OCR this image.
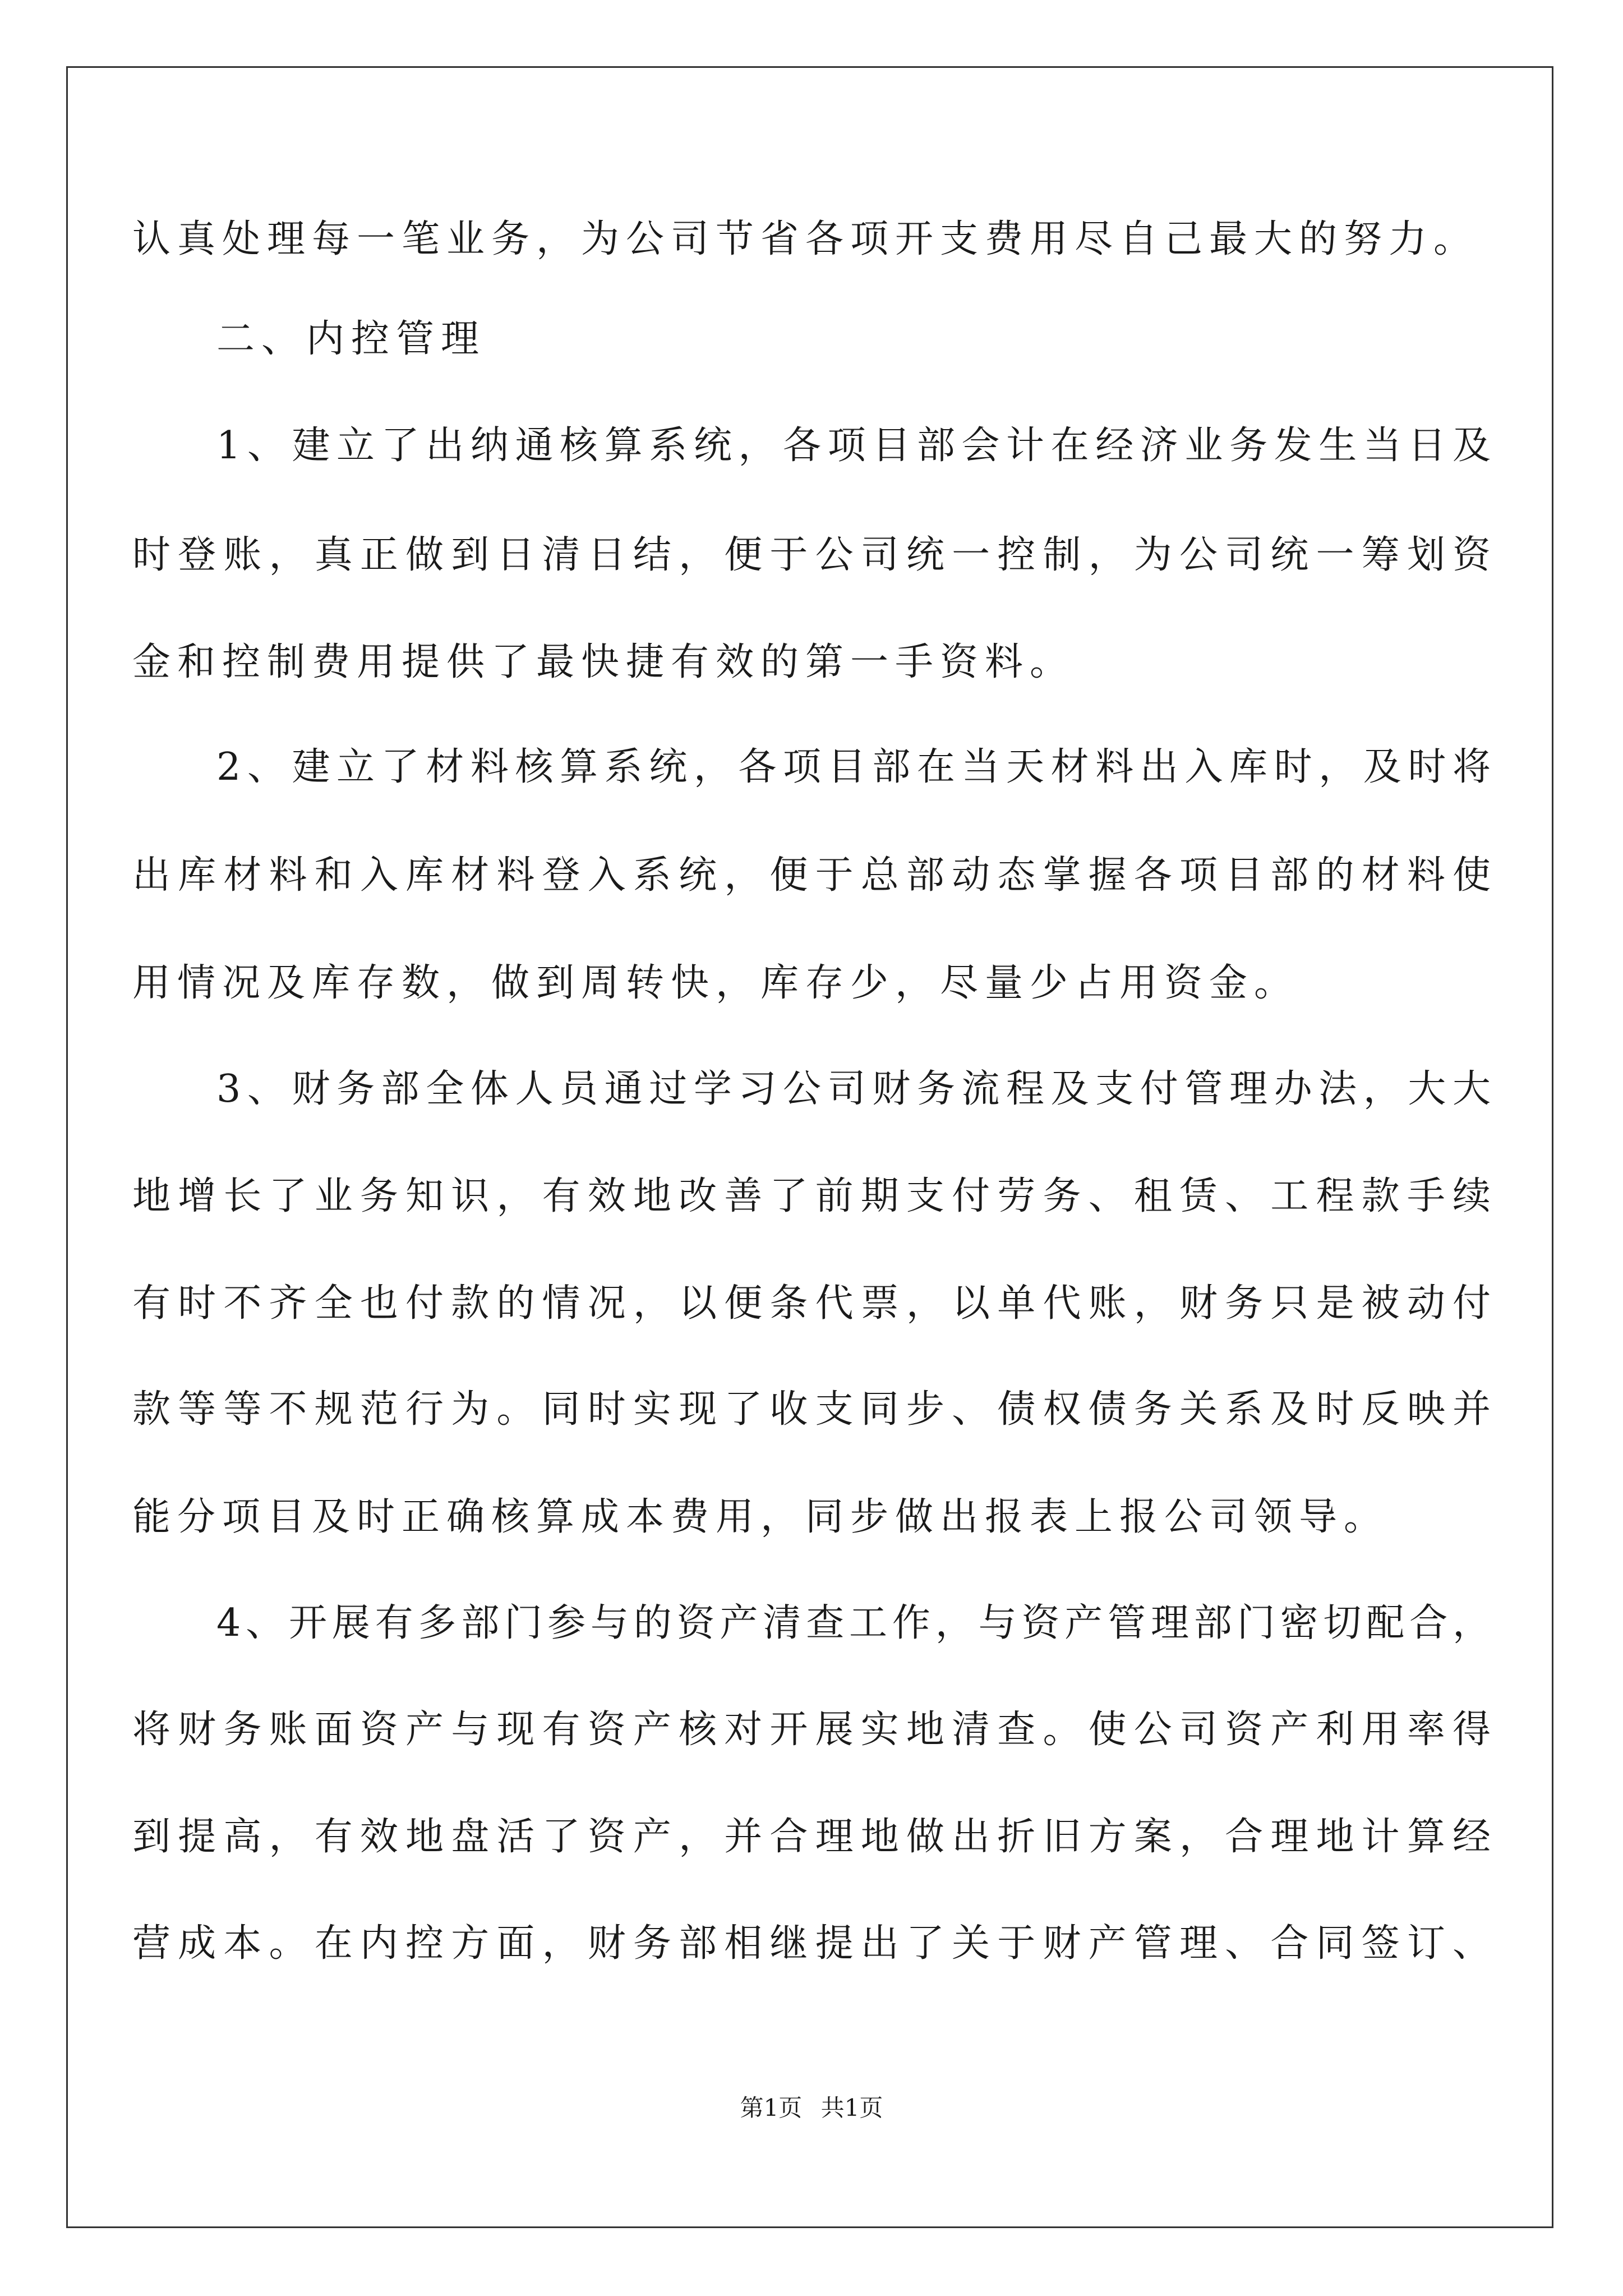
认真处理每一笔业务，为公司节省各项开支费用尽自己最大的努力。
二、内控管理
1、建立了出纳通核算系统，各项目部会计在经济业务发生当日及
时登账，真正做到日清日结，便于公司统一控制，为公司统一筹划资
金和控制费用提供了最快捷有效的第一手资料。
2、建立了材料核算系统，各项目部在当天材料出入库时，及时将
出库材料和入库材料登入系统，便于总部动态掌握各项目部的材料使
用情况及库存数，做到周转快，库存少，尽量少占用资金。
3、财务部全体人员通过学习公司财务流程及支付管理办法，大大
地增长了业务知识，有效地改善了前期支付劳务、租赁、工程款手续
有时不齐全也付款的情况，以便条代票，以单代账，财务只是被动付
款等等不规范行为。同时实现了收支同步、债权债务关系及时反映并
能分项目及时正确核算成本费用，同步做出报表上报公司领导。
4、开展有多部门参与的资产清查工作，与资产管理部门密切配合，
将财务账面资产与现有资产核对开展实地清查。使公司资产利用率得
到提高，有效地盘活了资产，并合理地做出折旧方案，合理地计算经
营成本。在内控方面，财务部相继提出了关于财产管理、合同签订、
第1页 共1页
